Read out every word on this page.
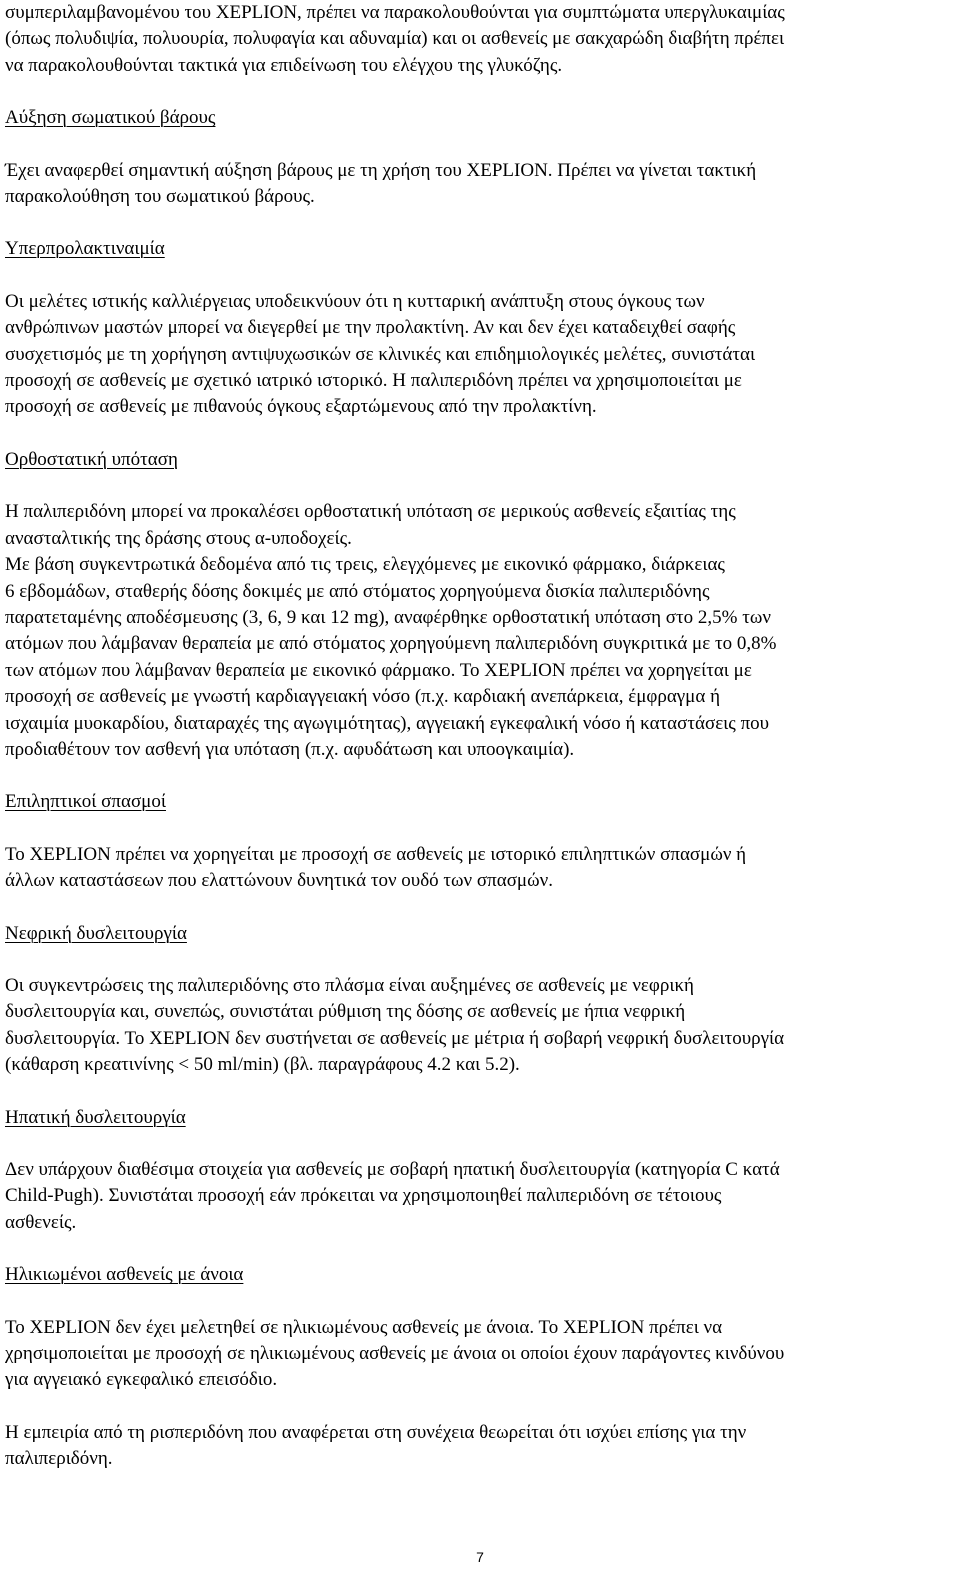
συμπεριλαμβανομένου του XEPLION, πρέπει να παρακολουθούνται για συμπτώματα υπεργλυκαιμίας
(όπως πολυδιψία, πολυουρία, πολυφαγία και αδυναμία) και οι ασθενείς με σακχαρώδη διαβήτη πρέπει
να παρακολουθούνται τακτικά για επιδείνωση του ελέγχου της γλυκόζης.

Αύξηση σωματικού βάρους

Έχει αναφερθεί σημαντική αύξηση βάρους με τη χρήση του XEPLION. Πρέπει να γίνεται τακτική
παρακολούθηση του σωματικού βάρους.

Υπερπρολακτιναιμία

Οι μελέτες ιστικής καλλιέργειας υποδεικνύουν ότι η κυτταρική ανάπτυξη στους όγκους των
ανθρώπινων μαστών μπορεί να διεγερθεί με την προλακτίνη. Αν και δεν έχει καταδειχθεί σαφής
συσχετισμός με τη χορήγηση αντιψυχωσικών σε κλινικές και επιδημιολογικές μελέτες, συνιστάται
προσοχή σε ασθενείς με σχετικό ιατρικό ιστορικό. Η παλιπεριδόνη πρέπει να χρησιμοποιείται με
προσοχή σε ασθενείς με πιθανούς όγκους εξαρτώμενους από την προλακτίνη.

Ορθοστατική υπόταση

Η παλιπεριδόνη μπορεί να προκαλέσει ορθοστατική υπόταση σε μερικούς ασθενείς εξαιτίας της
ανασταλτικής της δράσης στους α-υποδοχείς.

Με βάση συγκεντρωτικά δεδομένα από τις τρεις, ελεγχόμενες με εικονικό φάρμακο, διάρκειας
6 εβδομάδων, σταθερής δόσης δοκιμές με από στόματος χορηγούμενα δισκία παλιπεριδόνης
παρατεταμένης αποδέσμευσης (3, 6, 9 και 12 mg), αναφέρθηκε ορθοστατική υπόταση στο 2,5% των
ατόμων που λάμβαναν θεραπεία με από στόματος χορηγούμενη παλιπεριδόνη συγκριτικά με το 0,8%
των ατόμων που λάμβαναν θεραπεία με εικονικό φάρμακο. Το XEPLION πρέπει να χορηγείται με
προσοχή σε ασθενείς με γνωστή καρδιαγγειακή νόσο (π.χ. καρδιακή ανεπάρκεια, έμφραγμα ή
ισχαιμία μυοκαρδίου, διαταραχές της αγωγιμότητας), αγγειακή εγκεφαλική νόσο ή καταστάσεις που
προδιαθέτουν τον ασθενή για υπόταση (π.χ. αφυδάτωση και υποογκαιμία).

Επιληπτικοί σπασμοί

Το XEPLION πρέπει να χορηγείται με προσοχή σε ασθενείς με ιστορικό επιληπτικών σπασμών ή
άλλων καταστάσεων που ελαττώνουν δυνητικά τον ουδό των σπασμών.

Νεφρική δυσλειτουργία

Οι συγκεντρώσεις της παλιπεριδόνης στο πλάσμα είναι αυξημένες σε ασθενείς με νεφρική
δυσλειτουργία και, συνεπώς, συνιστάται ρύθμιση της δόσης σε ασθενείς με ήπια νεφρική
δυσλειτουργία. Το XEPLION δεν συστήνεται σε ασθενείς με μέτρια ή σοβαρή νεφρική δυσλειτουργία
(κάθαρση κρεατινίνης < 50 ml/min) (βλ. παραγράφους 4.2 και 5.2).

Ηπατική δυσλειτουργία

Δεν υπάρχουν διαθέσιμα στοιχεία για ασθενείς με σοβαρή ηπατική δυσλειτουργία (κατηγορία C κατά
Child-Pugh). Συνιστάται προσοχή εάν πρόκειται να χρησιμοποιηθεί παλιπεριδόνη σε τέτοιους
ασθενείς.

Ηλικιωμένοι ασθενείς με άνοια

Το XEPLION δεν έχει μελετηθεί σε ηλικιωμένους ασθενείς με άνοια. Το XEPLION πρέπει να
χρησιμοποιείται με προσοχή σε ηλικιωμένους ασθενείς με άνοια οι οποίοι έχουν παράγοντες κινδύνου
για αγγειακό εγκεφαλικό επεισόδιο.

Η εμπειρία από τη ρισπεριδόνη που αναφέρεται στη συνέχεια θεωρείται ότι ισχύει επίσης για την
παλιπεριδόνη.

7
